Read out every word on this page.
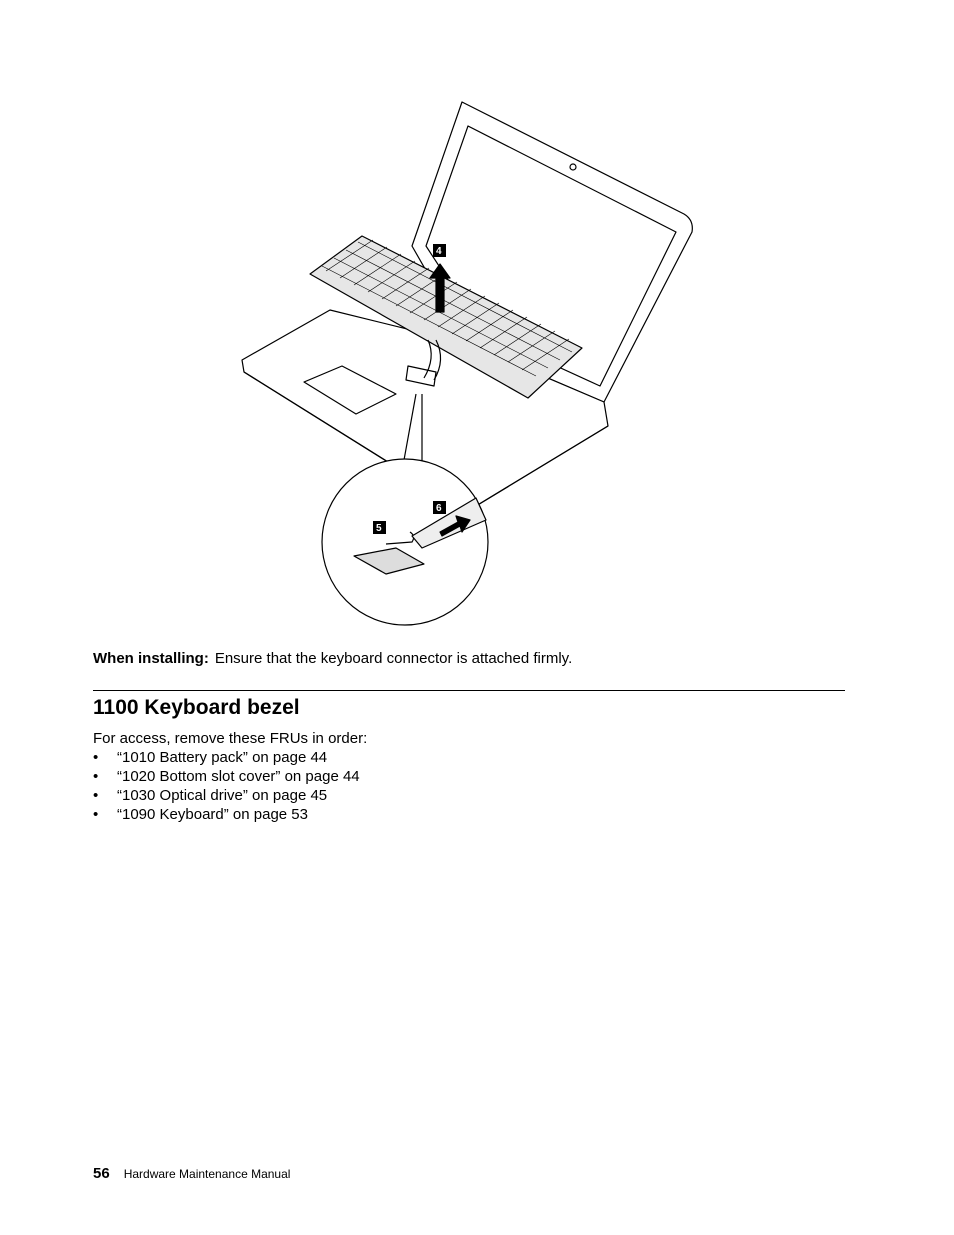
4
5
6
When installing: Ensure that the keyboard connector is attached firmly.
1100 Keyboard bezel
For access, remove these FRUs in order:
• “1010 Battery pack” on page 44
• “1020 Bottom slot cover” on page 44
• “1030 Optical drive” on page 45
• “1090 Keyboard” on page 53
56 Hardware Maintenance Manual
